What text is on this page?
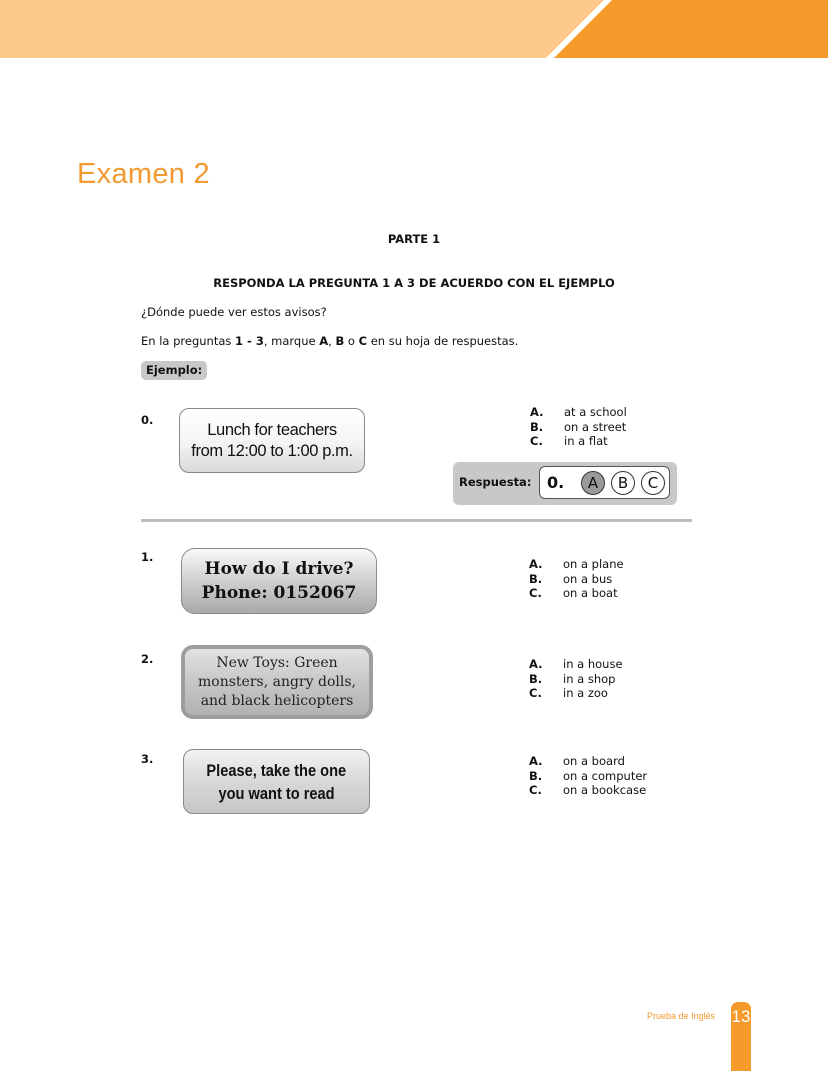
Examen 2
PARTE 1
RESPONDA LA PREGUNTA 1 A 3 DE ACUERDO CON EL EJEMPLO
¿Dónde puede ver estos avisos?
En la preguntas 1 - 3, marque A, B o C en su hoja de respuestas.
Ejemplo:
0.
Lunch for teachers
from 12:00 to 1:00 p.m.
A.	at a school
B.	on a street
C.	in a flat
Respuesta: 0.	A	B	C
1.
How do I drive?
Phone: 0152067
A.	on a plane
B.	on a bus
C.	on a boat
2.	New Toys: Green
monsters, angry dolls,
and black helicopters
A.	in a house
B.	in a shop
C.	in a zoo
3.
Please, take the one
you want to read
A.	on a board
B.	on a computer
C.	on a bookcase
Prueba de Inglés 13
